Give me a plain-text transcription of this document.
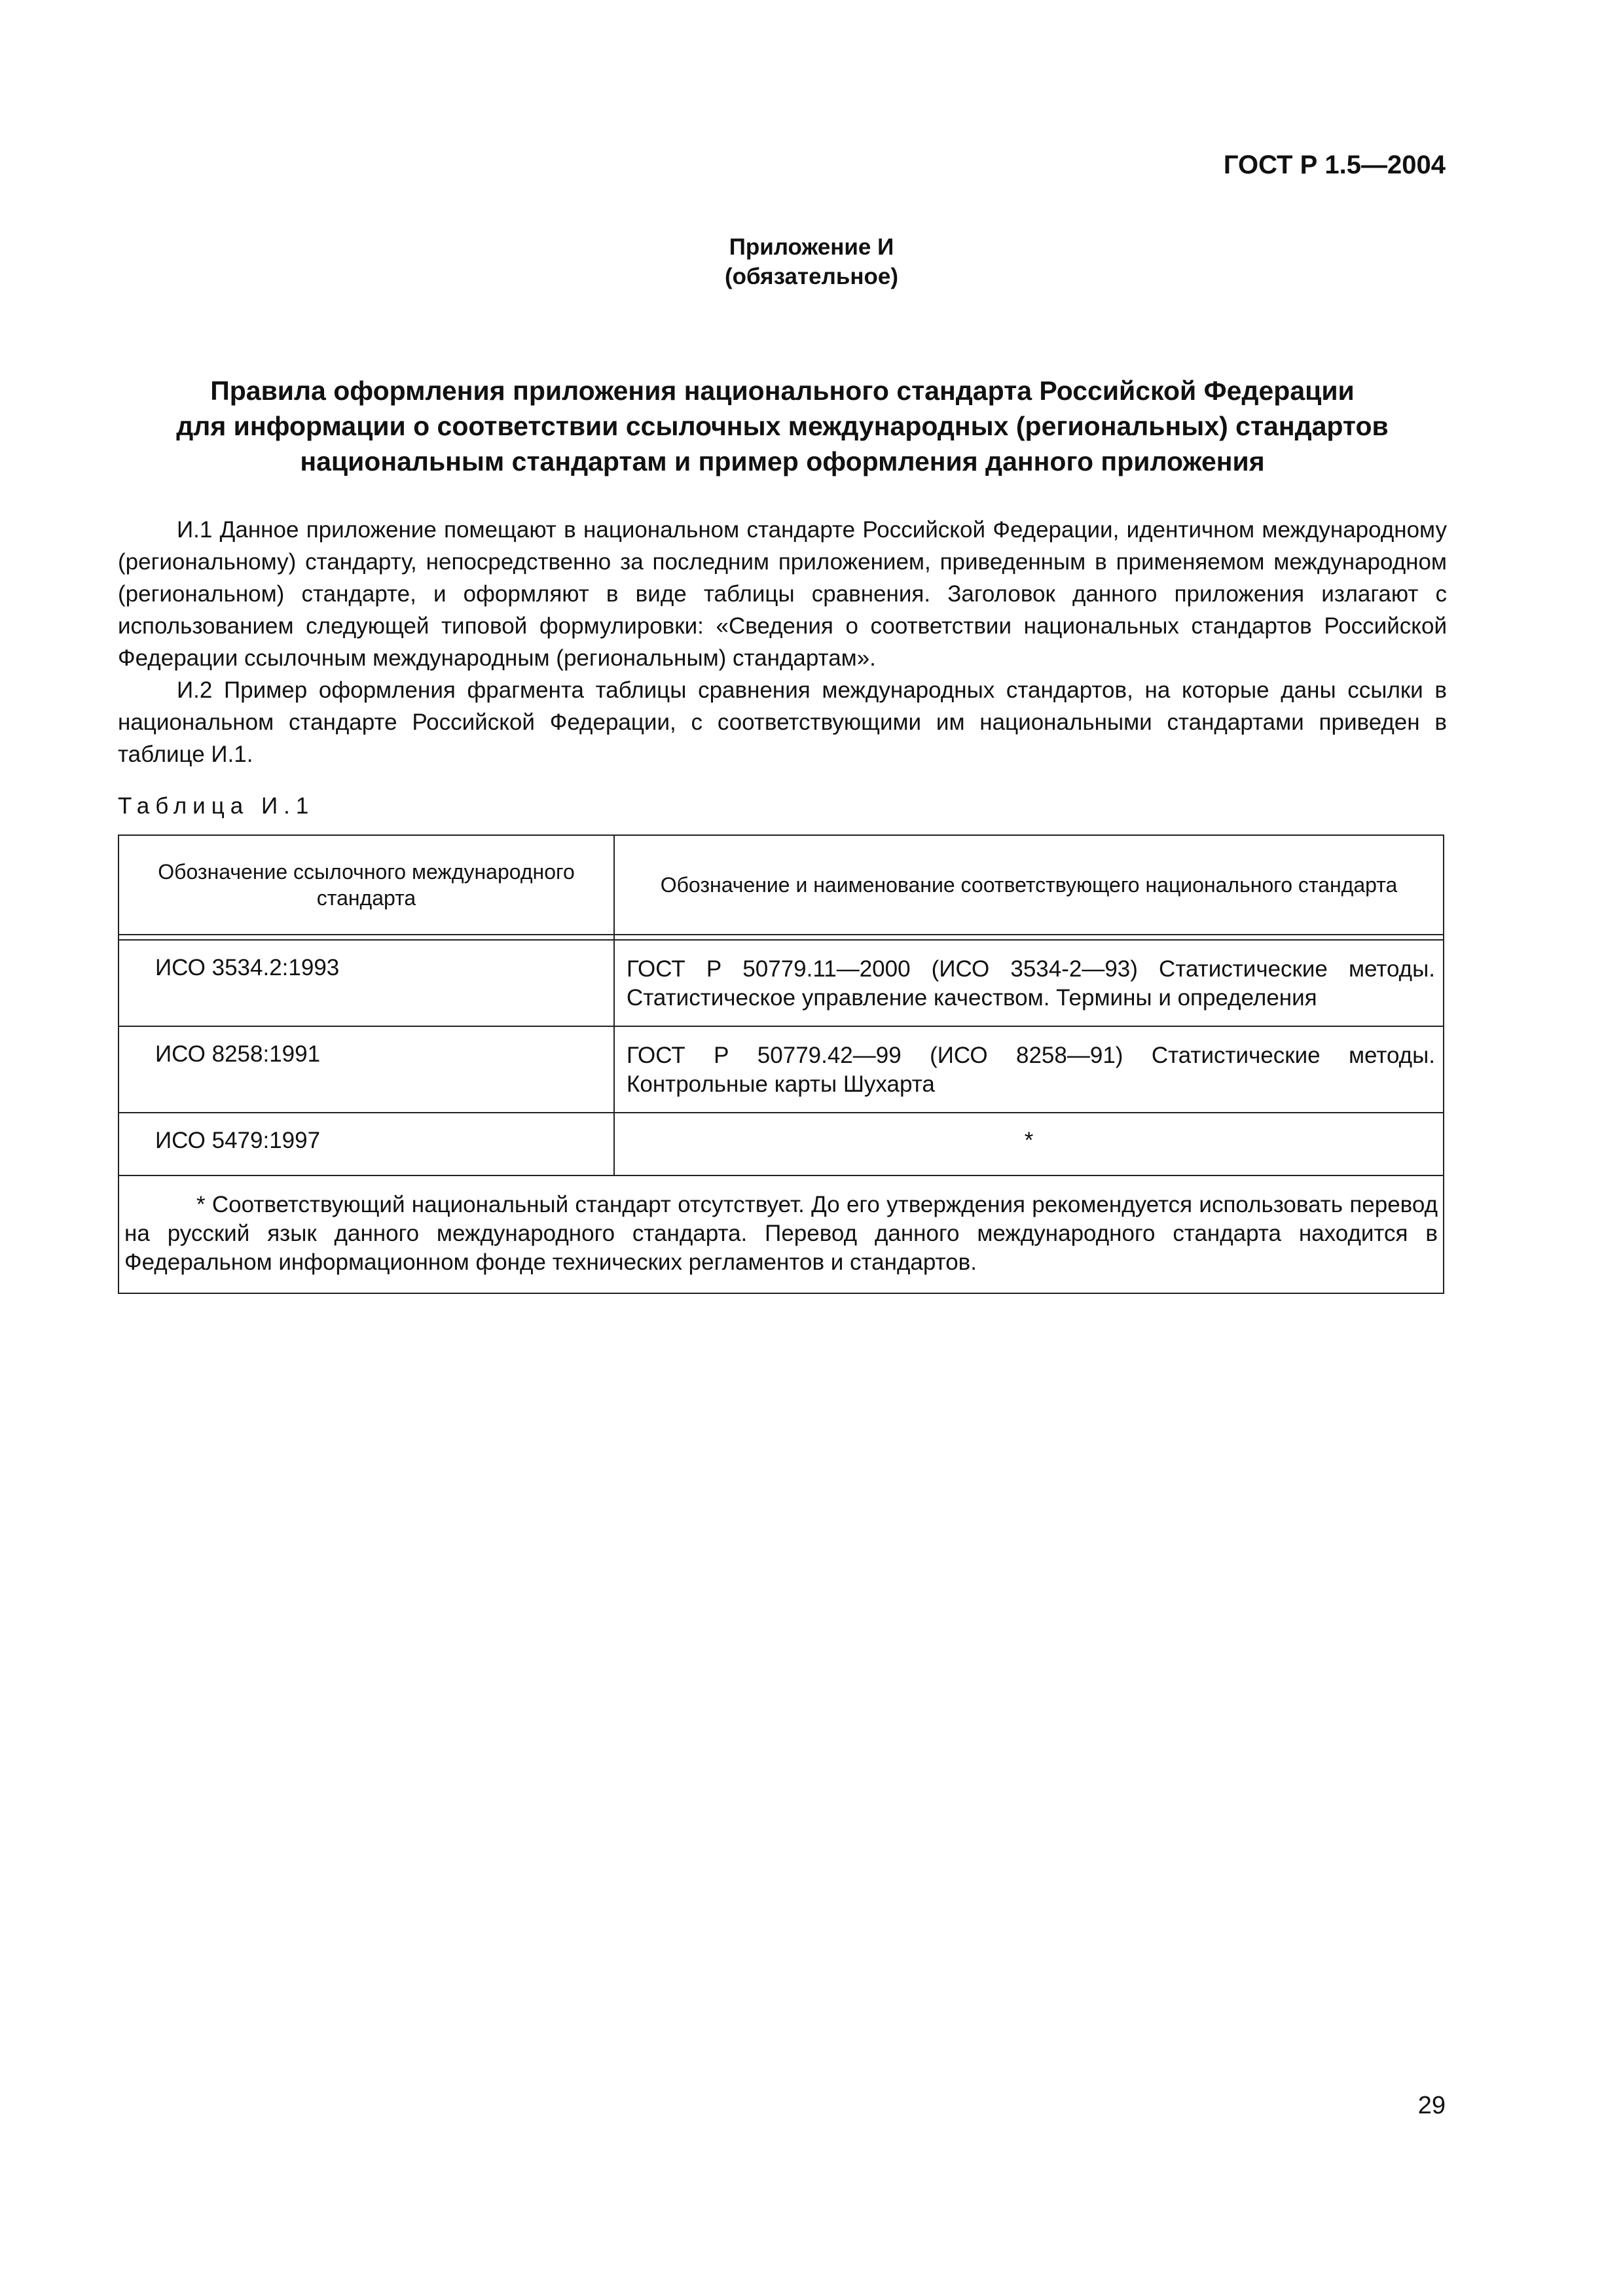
ГОСТ Р 1.5—2004
Приложение И
(обязательное)
Правила оформления приложения национального стандарта Российской Федерации
для информации о соответствии ссылочных международных (региональных) стандартов
национальным стандартам и пример оформления данного приложения

И.1 Данное приложение помещают в национальном стандарте Российской Федерации, идентичном международному (региональному) стандарту, непосредственно за последним приложением, приведенным в применяемом международном (региональном) стандарте, и оформляют в виде таблицы сравнения. Заголовок данного приложения излагают с использованием следующей типовой формулировки: «Сведения о соответствии национальных стандартов Российской Федерации ссылочным международным (региональным) стандартам».

И.2 Пример оформления фрагмента таблицы сравнения международных стандартов, на которые даны ссылки в национальном стандарте Российской Федерации, с соответствующими им национальными стандартами приведен в таблице И.1.

Таблица И.1
Обозначение ссылочного международного стандарта	Обозначение и наименование соответствующего национального стандарта

ИСО 3534.2:1993	ГОСТ Р 50779.11—2000 (ИСО 3534-2—93) Статистические методы. Статистическое управление качеством. Термины и определения
ИСО 8258:1991	ГОСТ Р 50779.42—99 (ИСО 8258—91) Статистические методы. Контрольные карты Шухарта
ИСО 5479:1997	*

* Соответствующий национальный стандарт отсутствует. До его утверждения рекомендуется использовать перевод на русский язык данного международного стандарта. Перевод данного международного стандарта находится в Федеральном информационном фонде технических регламентов и стандартов.	
29
